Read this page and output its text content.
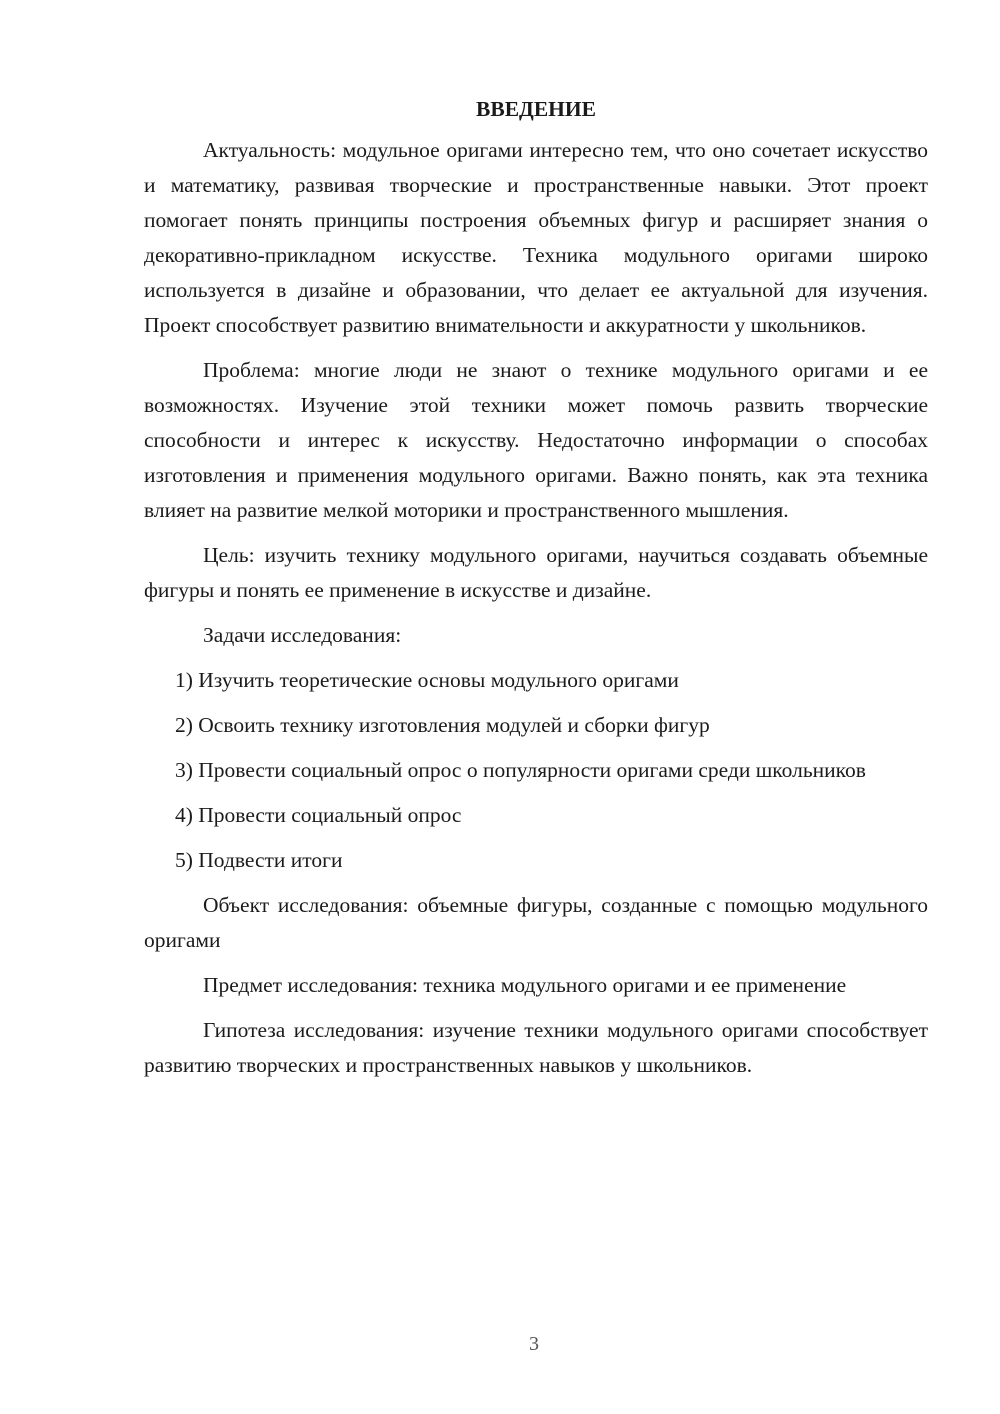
ВВЕДЕНИЕ

Актуальность: модульное оригами интересно тем, что оно сочетает искусство и математику, развивая творческие и пространственные навыки. Этот проект помогает понять принципы построения объемных фигур и расширяет знания о декоративно-прикладном искусстве. Техника модульного оригами широко используется в дизайне и образовании, что делает ее актуальной для изучения. Проект способствует развитию внимательности и аккуратности у школьников.

Проблема: многие люди не знают о технике модульного оригами и ее возможностях. Изучение этой техники может помочь развить творческие способности и интерес к искусству. Недостаточно информации о способах изготовления и применения модульного оригами. Важно понять, как эта техника влияет на развитие мелкой моторики и пространственного мышления.

Цель: изучить технику модульного оригами, научиться создавать объемные фигуры и понять ее применение в искусстве и дизайне.

Задачи исследования:

1) Изучить теоретические основы модульного оригами

2) Освоить технику изготовления модулей и сборки фигур

3) Провести социальный опрос о популярности оригами среди школьников

4) Провести социальный опрос

5) Подвести итоги

Объект исследования: объемные фигуры, созданные с помощью модульного оригами

Предмет исследования: техника модульного оригами и ее применение

Гипотеза исследования: изучение техники модульного оригами способствует развитию творческих и пространственных навыков у школьников.

3
